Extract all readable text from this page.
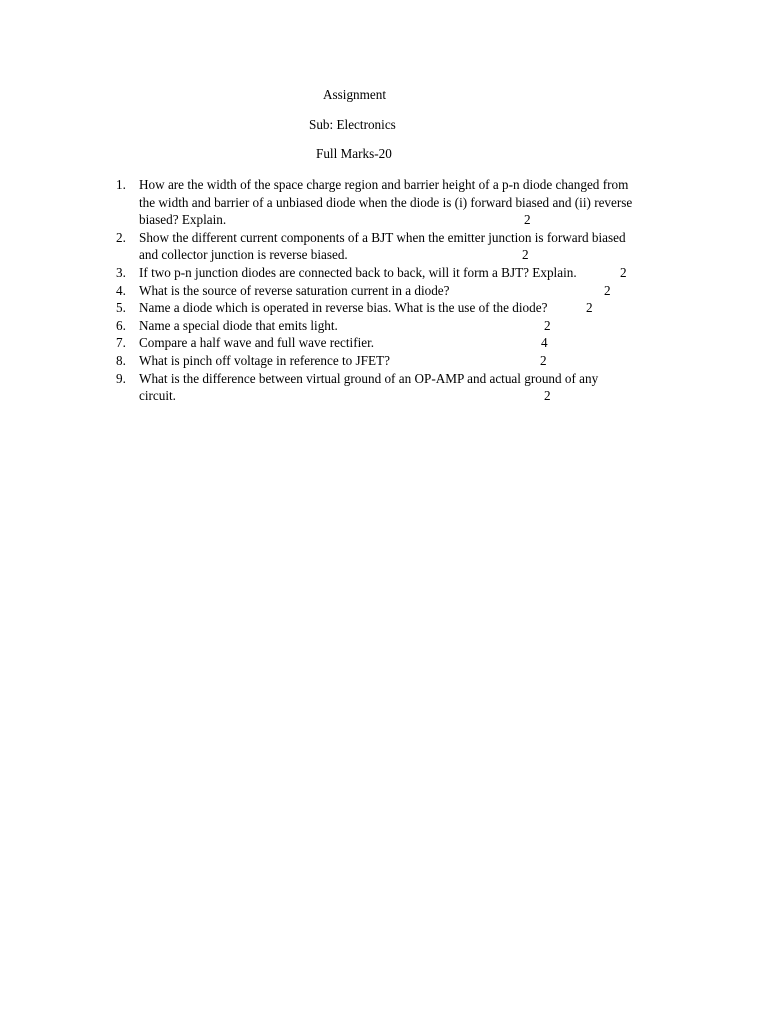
Assignment
Sub: Electronics
Full Marks-20
1. How are the width of the space charge region and barrier height of a p-n diode changed from
the width and barrier of a unbiased diode when the diode is (i) forward biased and (ii) reverse
biased? Explain.	2
2. Show the different current components of a BJT when the emitter junction is forward biased
and collector junction is reverse biased.	2
3. If two p-n junction diodes are connected back to back, will it form a BJT? Explain.	2
4. What is the source of reverse saturation current in a diode?	2
5. Name a diode which is operated in reverse bias. What is the use of the diode?	2
6. Name a special diode that emits light.	2
7. Compare a half wave and full wave rectifier.	4
8. What is pinch off voltage in reference to JFET?	2
9. What is the difference between virtual ground of an OP-AMP and actual ground of any
circuit.	2
